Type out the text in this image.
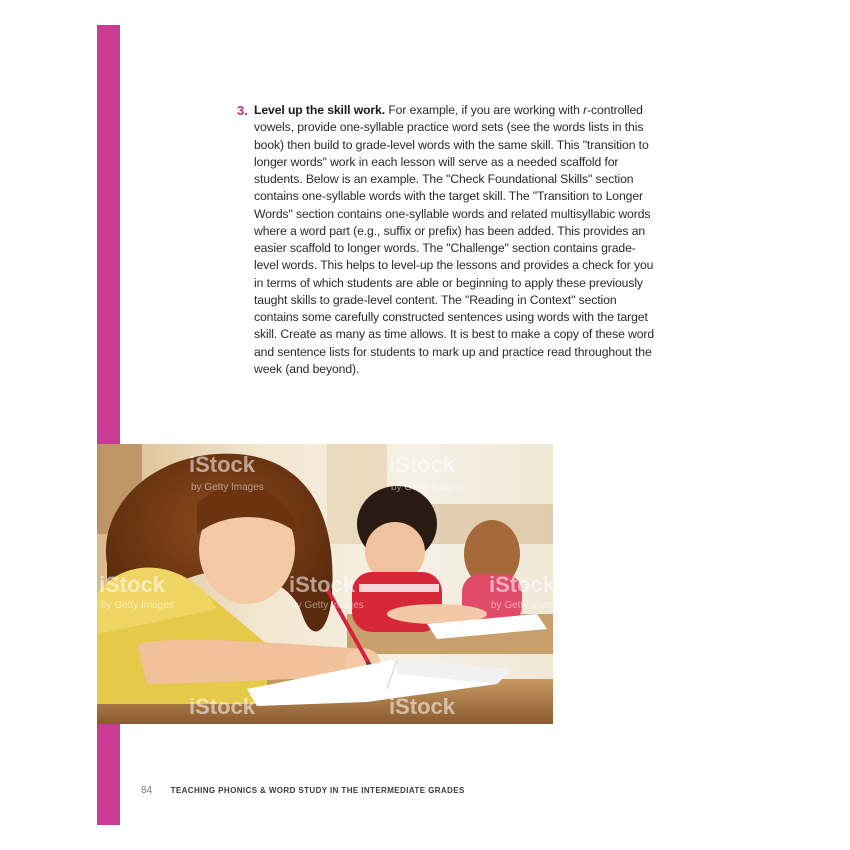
3. Level up the skill work. For example, if you are working with r-controlled vowels, provide one-syllable practice word sets (see the words lists in this book) then build to grade-level words with the same skill. This "transition to longer words" work in each lesson will serve as a needed scaffold for students. Below is an example. The "Check Foundational Skills" section contains one-syllable words with the target skill. The "Transition to Longer Words" section contains one-syllable words and related multisyllabic words where a word part (e.g., suffix or prefix) has been added. This provides an easier scaffold to longer words. The "Challenge" section contains grade-level words. This helps to level-up the lessons and provides a check for you in terms of which students are able or beginning to apply these previously taught skills to grade-level content. The "Reading in Context" section contains some carefully constructed sentences using words with the target skill. Create as many as time allows. It is best to make a copy of these word and sentence lists for students to mark up and practice read throughout the week (and beyond).

iStock	iStock
iStock	iStock	iStock
iStock	iStock
by Getty Images	by Getty Images
by Getty Images	by Getty Images	by Getty Images
84 TEACHING PHONICS & WORD STUDY IN THE INTERMEDIATE GRADES
